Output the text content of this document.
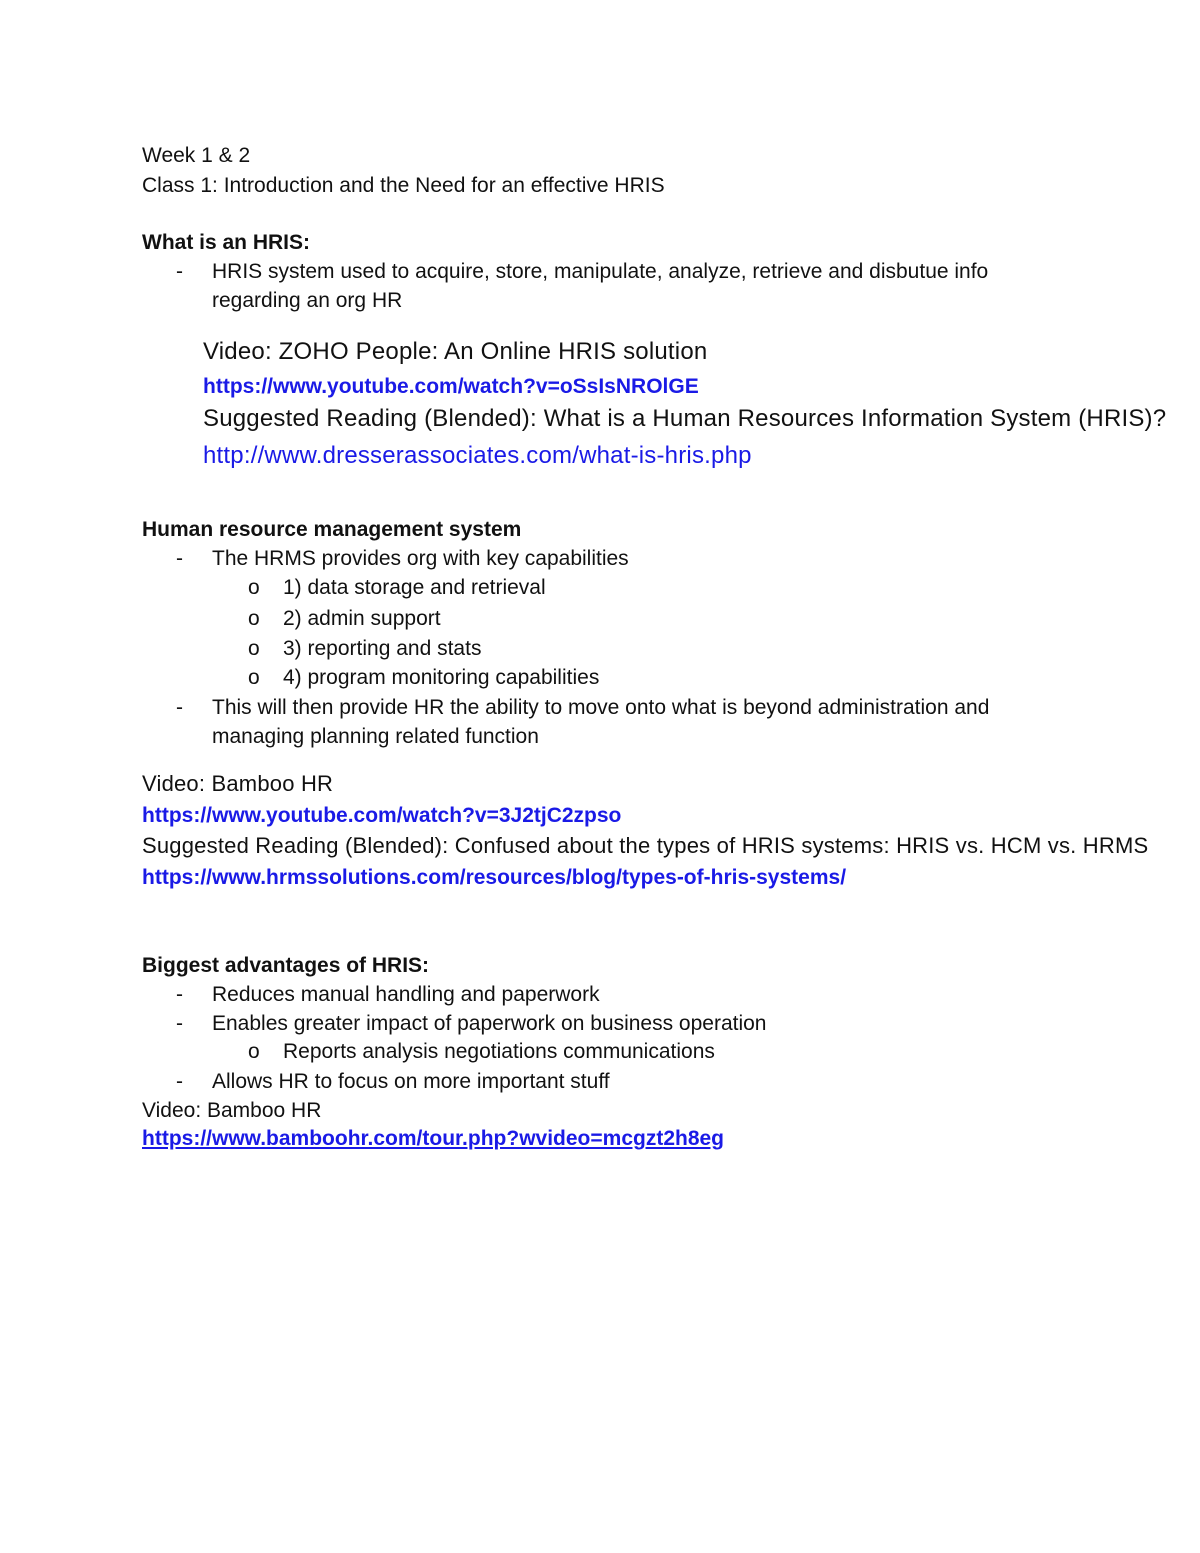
Week 1 & 2
Class 1: Introduction and the Need for an effective HRIS
What is an HRIS:
- HRIS system used to acquire, store, manipulate, analyze, retrieve and disbutue info
regarding an org HR
Video: ZOHO People: An Online HRIS solution
https://www.youtube.com/watch?v=oSsIsNROlGE
Suggested Reading (Blended): What is a Human Resources Information System (HRIS)?
http://www.dresserassociates.com/what-is-hris.php
Human resource management system
- The HRMS provides org with key capabilities
o 1) data storage and retrieval
o 2) admin support
o 3) reporting and stats
o 4) program monitoring capabilities
- This will then provide HR the ability to move onto what is beyond administration and
managing planning related function
Video: Bamboo HR
https://www.youtube.com/watch?v=3J2tjC2zpso
Suggested Reading (Blended): Confused about the types of HRIS systems: HRIS vs. HCM vs. HRMS
https://www.hrmssolutions.com/resources/blog/types-of-hris-systems/
Biggest advantages of HRIS:
- Reduces manual handling and paperwork
- Enables greater impact of paperwork on business operation
o Reports analysis negotiations communications
- Allows HR to focus on more important stuff
Video: Bamboo HR
https://www.bamboohr.com/tour.php?wvideo=mcgzt2h8eg
